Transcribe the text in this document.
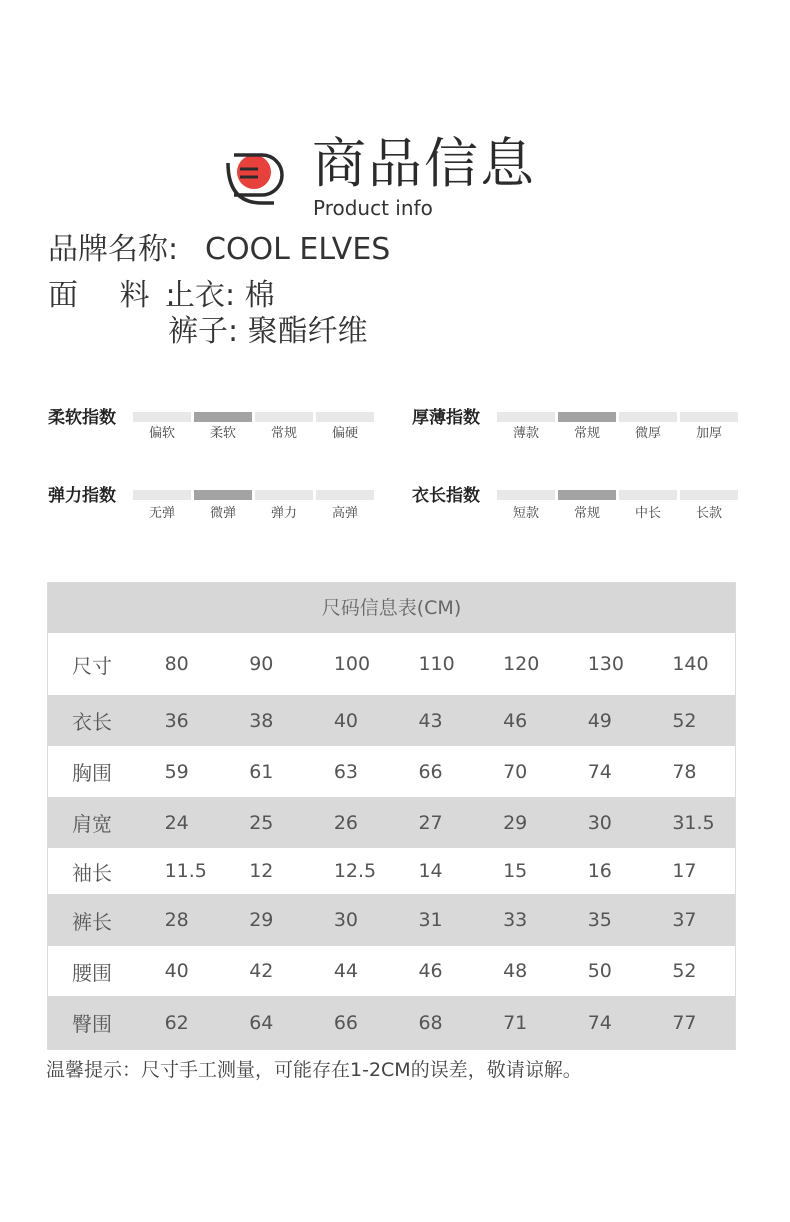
商品信息
Product info
品牌名称: COOL ELVES
面 料:
上衣: 棉
裤子: 聚酯纤维
柔软指数
偏软	柔软	常规	偏硬
厚薄指数
薄款	常规	微厚	加厚
弹力指数
无弹	微弹	弹力	高弹
衣长指数
短款	常规	中长	长款
尺码信息表(CM)
尺寸	80	90	100	110	120	130	140
衣长	36	38	40	43	46	49	52
胸围	59	61	63	66	70	74	78
肩宽	24	25	26	27	29	30	31.5
袖长	11.5	12	12.5	14	15	16	17
裤长	28	29	30	31	33	35	37
腰围	40	42	44	46	48	50	52
臀围	62	64	66	68	71	74	77
温馨提示：尺寸手工测量，可能存在1-2CM的误差，敬请谅解。
